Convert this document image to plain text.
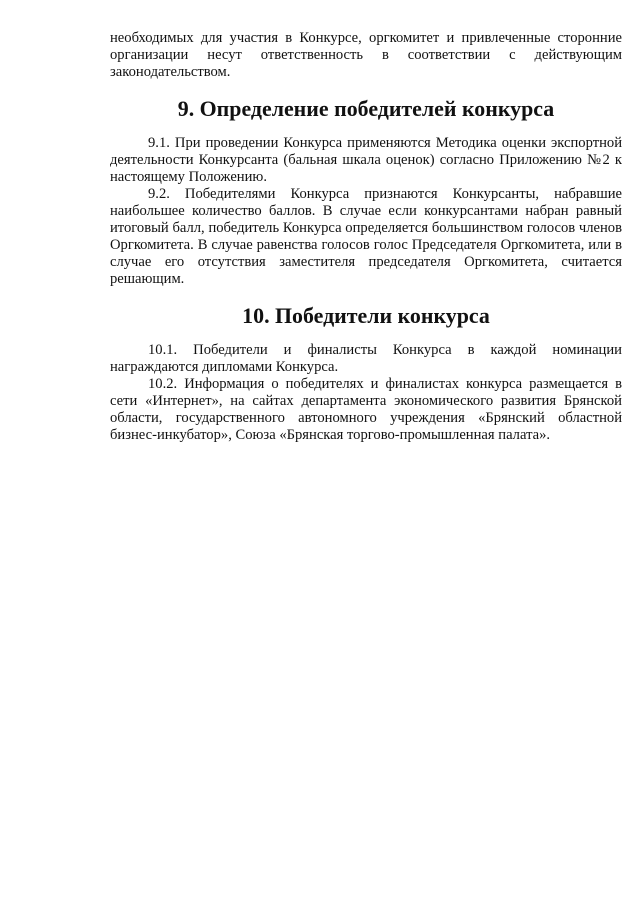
необходимых для участия в Конкурсе, оргкомитет и привлеченные сторонние организации несут ответственность в соответствии с действующим законодательством.

9. Определение победителей конкурса

9.1. При проведении Конкурса применяются Методика оценки экспортной деятельности Конкурсанта (бальная шкала оценок) согласно Приложению №2 к настоящему Положению.

9.2. Победителями Конкурса признаются Конкурсанты, набравшие наибольшее количество баллов. В случае если конкурсантами набран равный итоговый балл, победитель Конкурса определяется большинством голосов членов Оргкомитета. В случае равенства голосов голос Председателя Оргкомитета, или в случае его отсутствия заместителя председателя Оргкомитета, считается решающим.

10. Победители конкурса

10.1. Победители и финалисты Конкурса в каждой номинации награждаются дипломами Конкурса.

10.2. Информация о победителях и финалистах конкурса размещается в сети «Интернет», на сайтах департамента экономического развития Брянской области, государственного автономного учреждения «Брянский областной бизнес-инкубатор», Союза «Брянская торгово-промышленная палата».
